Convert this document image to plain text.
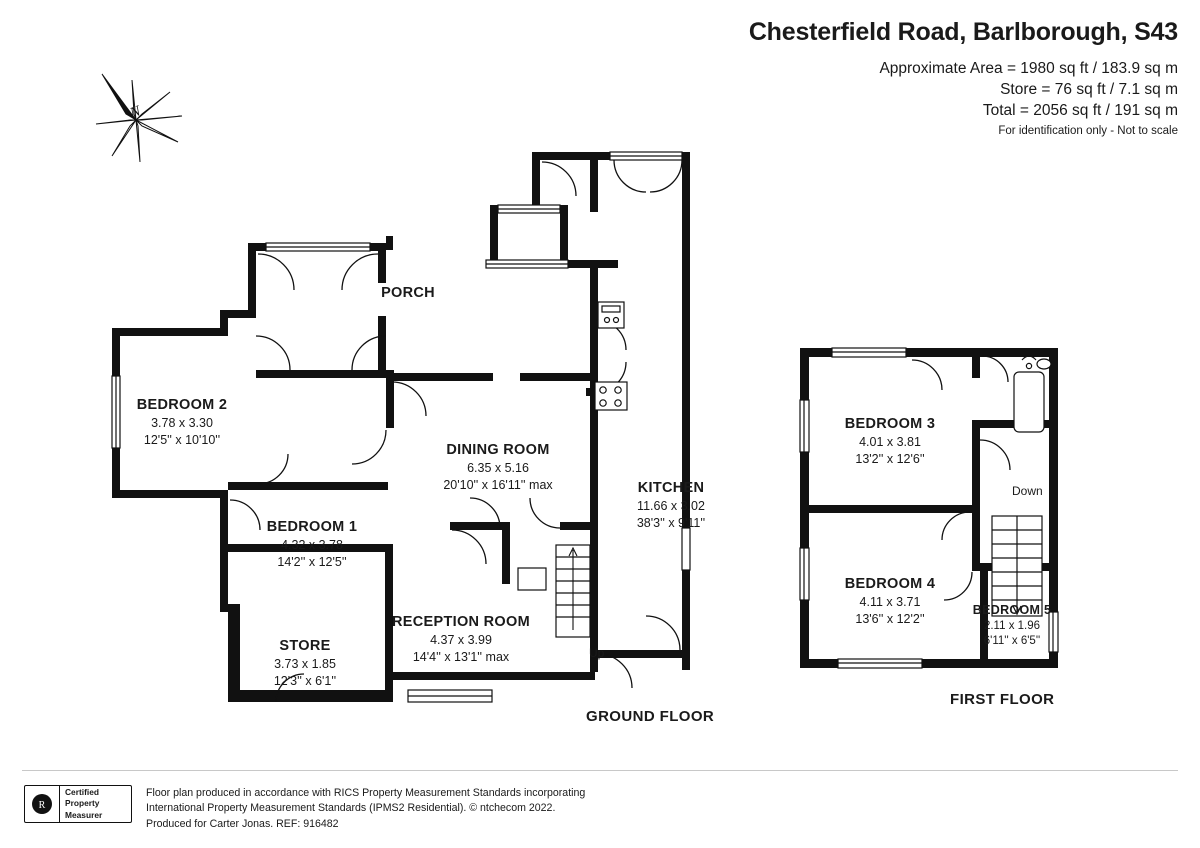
Chesterfield Road, Barlborough, S43
Approximate Area = 1980 sq ft / 183.9 sq m
Store = 76 sq ft / 7.1 sq m
Total = 2056 sq ft / 191 sq m
For identification only - Not to scale
N
PORCH
BEDROOM 2
3.78 x 3.30
12'5'' x 10'10''
BEDROOM 1
4.32 x 3.78
14'2'' x 12'5''
STORE
3.73 x 1.85
12'3'' x 6'1''
DINING ROOM
6.35 x 5.16
20'10'' x 16'11'' max
RECEPTION ROOM
4.37 x 3.99
14'4'' x 13'1'' max
KITCHEN
11.66 x 3.02
38'3'' x 9'11''
Up
GROUND FLOOR
BEDROOM 3
4.01 x 3.81
13'2'' x 12'6''
BEDROOM 4
4.11 x 3.71
13'6'' x 12'2''
BEDROOM 5
2.11 x 1.96
6'11'' x 6'5''
Down
FIRST FLOOR
R
Certified
Property
Measurer
Floor plan produced in accordance with RICS Property Measurement Standards incorporating
International Property Measurement Standards (IPMS2 Residential). © ntchecom 2022.
Produced for Carter Jonas. REF: 916482
